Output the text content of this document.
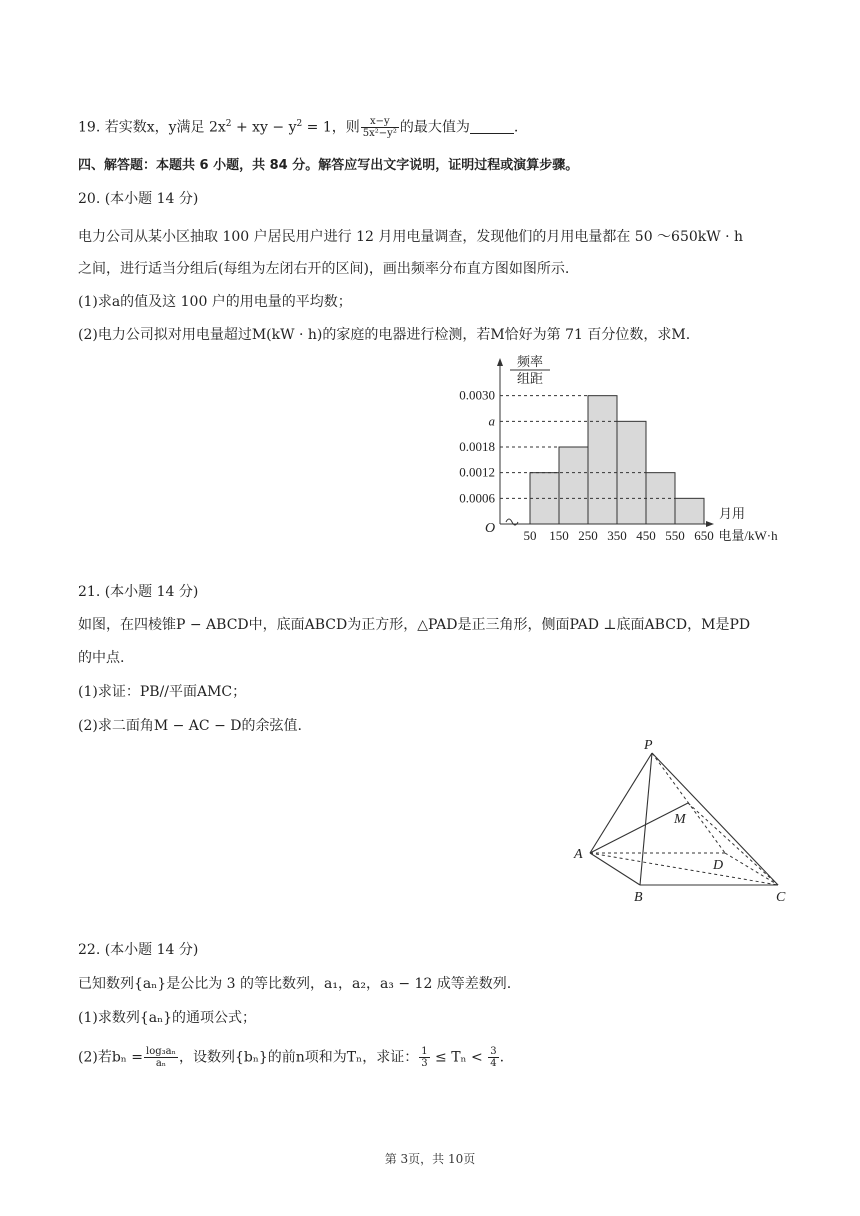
19. 若实数x，y满足 $2x^2$ + xy − $y^2 = 1$，则 $\frac{x-y}{\text{5x²−y²}}$ 的最大值为	.
四、解答题：本题共 6 小题，共 84 分。解答应写出文字说明，证明过程或演算步骤。
20. (本小题 14 分)
电力公司从某小区抽取 100 户居民用户进行 12 月用电量调查，发现他们的月用电量都在 50 ～650kW · h
之间，进行适当分组后(每组为左闭右开的区间)，画出频率分布直方图如图所示.
(1)求a的值及这 100 户的用电量的平均数；
(2)电力公司拟对用电量超过M(kW · h)的家庭的电器进行检测，若M恰好为第 71 百分位数，求M.
0.0030
a
0.0018
0.0012
0.0006
50 150 250 350 450 550 650
O
频率
组距
月用
电量/kW·h
21. (本小题 14 分)
如图，在四棱锥P − ABCD中，底面ABCD为正方形，△PAD是正三角形，侧面PAD ⊥底面ABCD，M是PD
的中点.
(1)求证：PB//平面AMC；
(2)求二面角M − AC − D的余弦值.
P
M
A
D
B	C
22. (本小题 14 分)
已知数列{aₙ}是公比为 3 的等比数列，a₁，a₂，a₃ − 12 成等差数列.
(1)求数列{aₙ}的通项公式；
(2)若$b_n = \frac{\text{log₃aₙ}}{\text{aₙ}}$ ，设数列{bₙ}的前n项和为Tₙ，求证： $\frac{1}{3} \le T_n < \frac{3}{4}$ .
第 3页，共 10页
